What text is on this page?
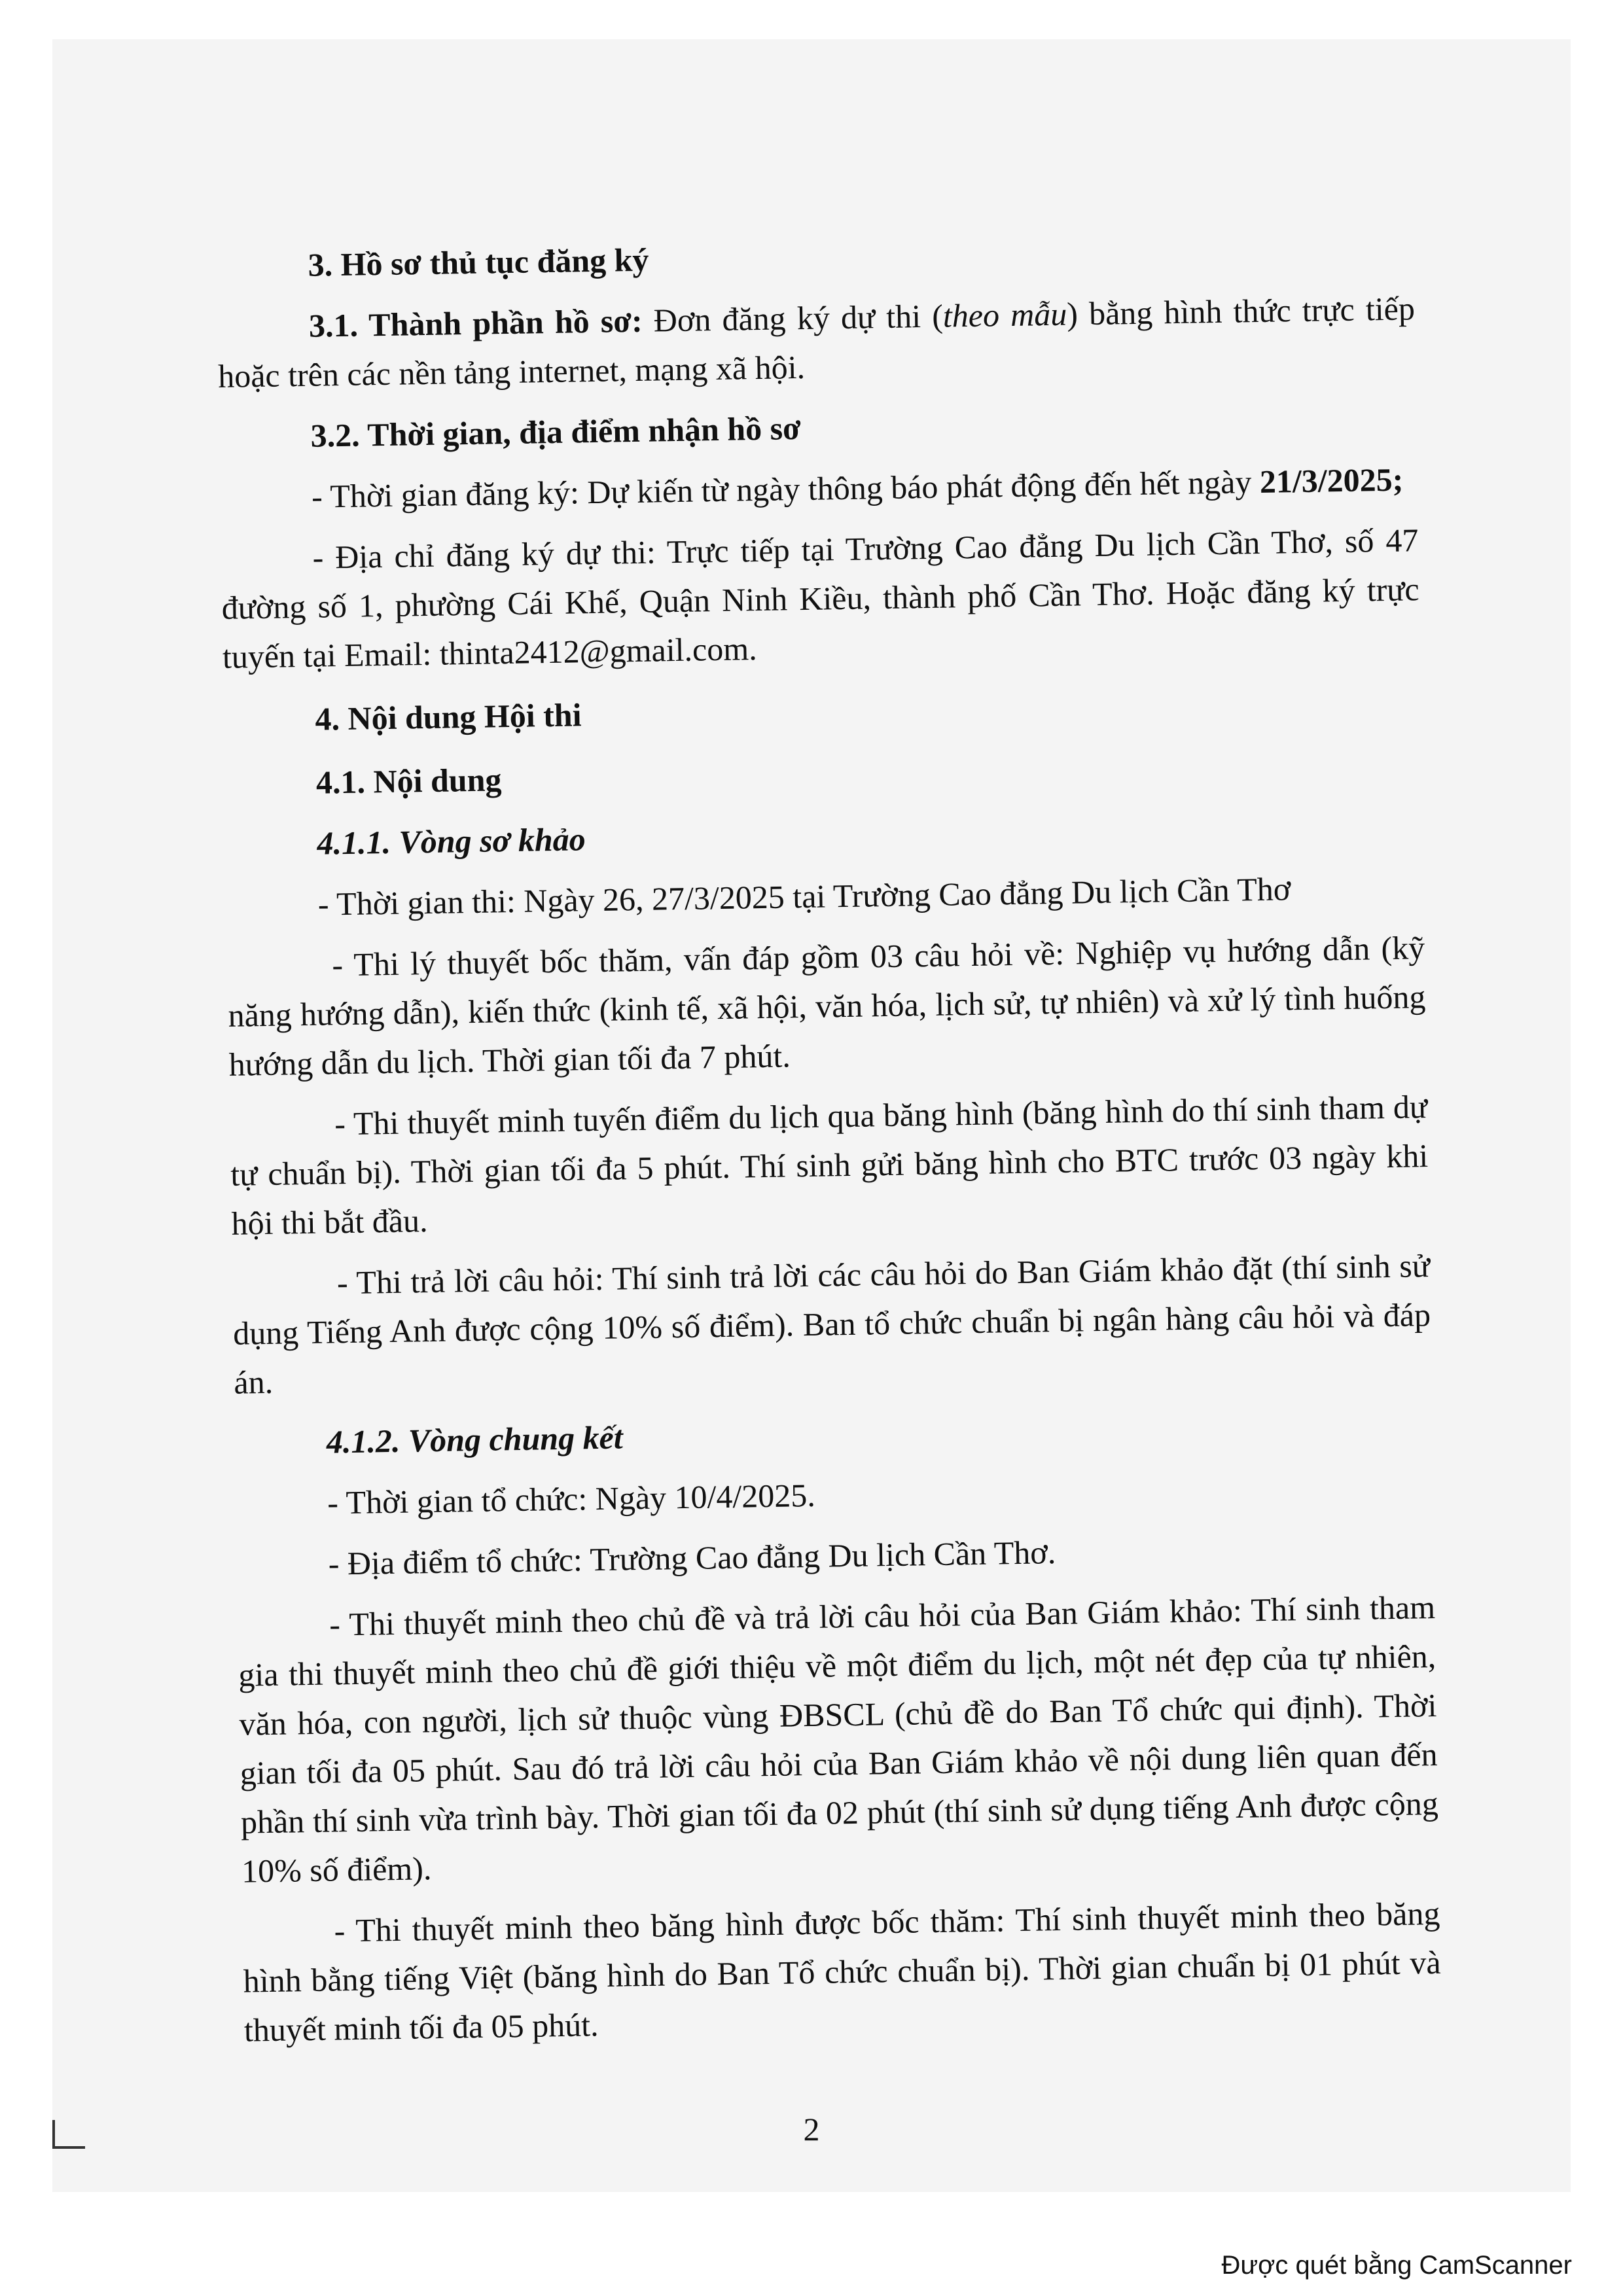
3. Hồ sơ thủ tục đăng ký

3.1. Thành phần hồ sơ: Đơn đăng ký dự thi (theo mẫu) bằng hình thức trực tiếp hoặc trên các nền tảng internet, mạng xã hội.

3.2. Thời gian, địa điểm nhận hồ sơ

- Thời gian đăng ký: Dự kiến từ ngày thông báo phát động đến hết ngày 21/3/2025;

- Địa chỉ đăng ký dự thi: Trực tiếp tại Trường Cao đẳng Du lịch Cần Thơ, số 47 đường số 1, phường Cái Khế, Quận Ninh Kiều, thành phố Cần Thơ. Hoặc đăng ký trực tuyến tại Email: thinta2412@gmail.com.

4. Nội dung Hội thi

4.1. Nội dung

4.1.1. Vòng sơ khảo

- Thời gian thi: Ngày 26, 27/3/2025 tại Trường Cao đẳng Du lịch Cần Thơ

- Thi lý thuyết bốc thăm, vấn đáp gồm 03 câu hỏi về: Nghiệp vụ hướng dẫn (kỹ năng hướng dẫn), kiến thức (kinh tế, xã hội, văn hóa, lịch sử, tự nhiên) và xử lý tình huống hướng dẫn du lịch. Thời gian tối đa 7 phút.

- Thi thuyết minh tuyến điểm du lịch qua băng hình (băng hình do thí sinh tham dự tự chuẩn bị). Thời gian tối đa 5 phút. Thí sinh gửi băng hình cho BTC trước 03 ngày khi hội thi bắt đầu.

- Thi trả lời câu hỏi: Thí sinh trả lời các câu hỏi do Ban Giám khảo đặt (thí sinh sử dụng Tiếng Anh được cộng 10% số điểm). Ban tổ chức chuẩn bị ngân hàng câu hỏi và đáp án.

4.1.2. Vòng chung kết

- Thời gian tổ chức: Ngày 10/4/2025.

- Địa điểm tổ chức: Trường Cao đẳng Du lịch Cần Thơ.

- Thi thuyết minh theo chủ đề và trả lời câu hỏi của Ban Giám khảo: Thí sinh tham gia thi thuyết minh theo chủ đề giới thiệu về một điểm du lịch, một nét đẹp của tự nhiên, văn hóa, con người, lịch sử thuộc vùng ĐBSCL (chủ đề do Ban Tổ chức qui định). Thời gian tối đa 05 phút. Sau đó trả lời câu hỏi của Ban Giám khảo về nội dung liên quan đến phần thí sinh vừa trình bày. Thời gian tối đa 02 phút (thí sinh sử dụng tiếng Anh được cộng 10% số điểm).

- Thi thuyết minh theo băng hình được bốc thăm: Thí sinh thuyết minh theo băng hình bằng tiếng Việt (băng hình do Ban Tổ chức chuẩn bị). Thời gian chuẩn bị 01 phút và thuyết minh tối đa 05 phút.

2
Được quét bằng CamScanner
